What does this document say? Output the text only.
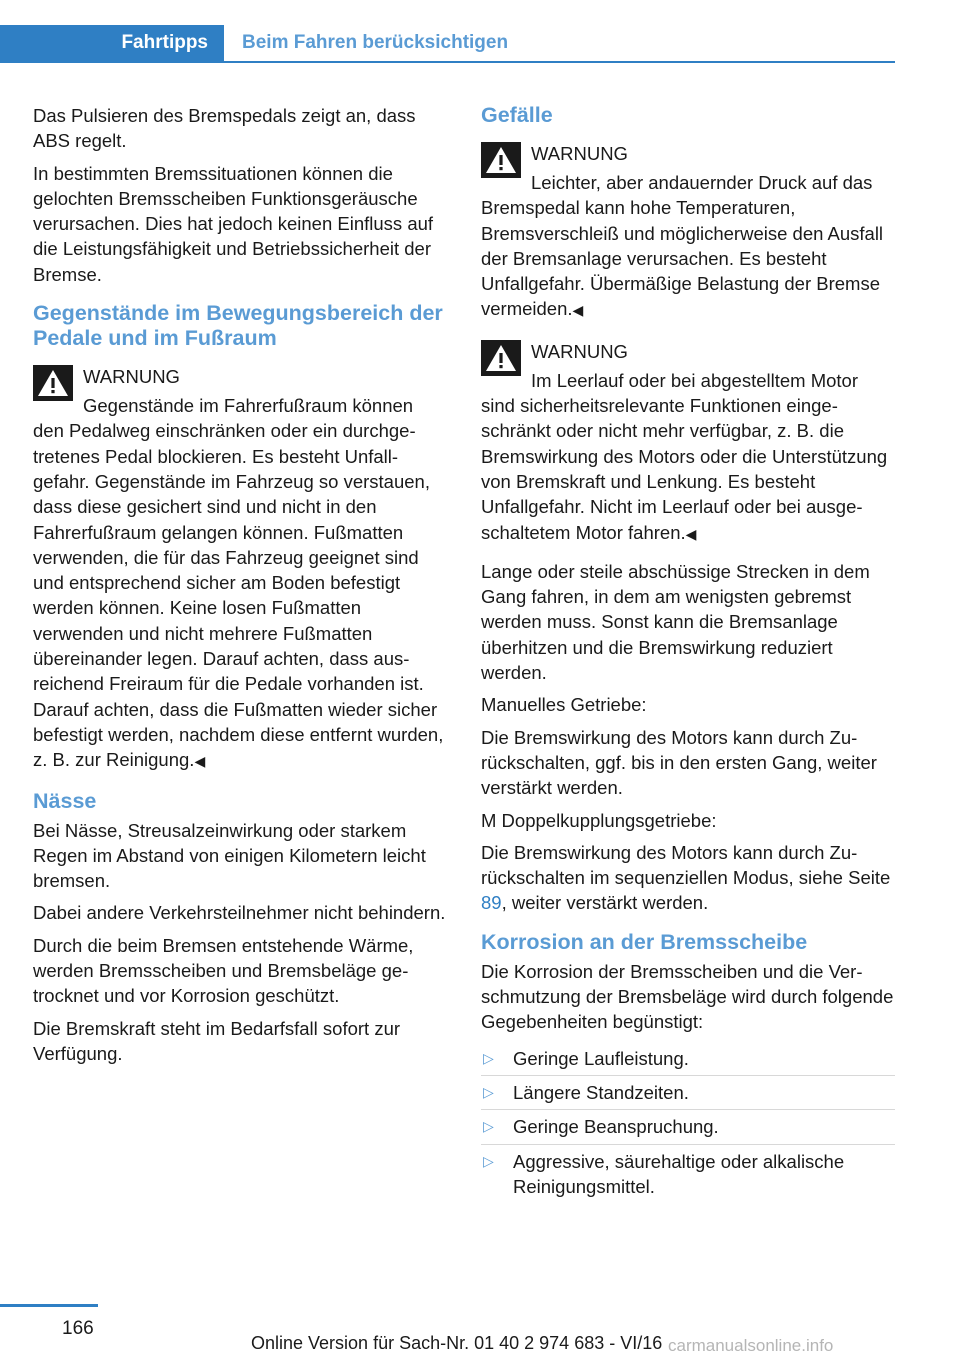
Fahrtipps	Beim Fahren berücksichtigen

Das Pulsieren des Bremspedals zeigt an, dass ABS regelt.

In bestimmten Bremssituationen können die gelochten Bremsscheiben Funktionsgeräusche verursachen. Dies hat jedoch keinen Einfluss auf die Leistungsfähigkeit und Betriebssicherheit der Bremse.

Gegenstände im Bewegungsbereich der Pedale und im Fußraum
WARNUNG
Gegenstände im Fahrerfußraum können den Pedalweg einschränken oder ein durchgetretenes Pedal blockieren. Es besteht Unfallgefahr. Gegenstände im Fahrzeug so verstauen, dass diese gesichert sind und nicht in den Fahrerfußraum gelangen können. Fußmatten verwenden, die für das Fahrzeug geeignet sind und entsprechend sicher am Boden befestigt werden können. Keine losen Fußmatten verwenden und nicht mehrere Fußmatten übereinander legen. Darauf achten, dass ausreichend Freiraum für die Pedale vorhanden ist. Darauf achten, dass die Fußmatten wieder sicher befestigt werden, nachdem diese entfernt wurden, z. B. zur Reinigung.◀
Nässe

Bei Nässe, Streusalzeinwirkung oder starkem Regen im Abstand von einigen Kilometern leicht bremsen.

Dabei andere Verkehrsteilnehmer nicht behindern.

Durch die beim Bremsen entstehende Wärme, werden Bremsscheiben und Bremsbeläge getrocknet und vor Korrosion geschützt.

Die Bremskraft steht im Bedarfsfall sofort zur Verfügung.

Gefälle
WARNUNG
Leichter, aber andauernder Druck auf das Bremspedal kann hohe Temperaturen, Bremsverschleiß und möglicherweise den Ausfall der Bremsanlage verursachen. Es besteht Unfallgefahr. Übermäßige Belastung der Bremse vermeiden.◀
WARNUNG
Im Leerlauf oder bei abgestelltem Motor sind sicherheitsrelevante Funktionen eingeschränkt oder nicht mehr verfügbar, z. B. die Bremswirkung des Motors oder die Unterstützung von Bremskraft und Lenkung. Es besteht Unfallgefahr. Nicht im Leerlauf oder bei ausgeschaltetem Motor fahren.◀

Lange oder steile abschüssige Strecken in dem Gang fahren, in dem am wenigsten gebremst werden muss. Sonst kann die Bremsanlage überhitzen und die Bremswirkung reduziert werden.

Manuelles Getriebe:

Die Bremswirkung des Motors kann durch Zurückschalten, ggf. bis in den ersten Gang, weiter verstärkt werden.

M Doppelkupplungsgetriebe:

Die Bremswirkung des Motors kann durch Zurückschalten im sequenziellen Modus, siehe Seite 89, weiter verstärkt werden.

Korrosion an der Bremsscheibe

Die Korrosion der Bremsscheiben und die Verschmutzung der Bremsbeläge wird durch folgende Gegebenheiten begünstigt:

▷ Geringe Laufleistung.
▷ Längere Standzeiten.
▷ Geringe Beanspruchung.
▷ Aggressive, säurehaltige oder alkalische Reinigungsmittel.
166
Online Version für Sach-Nr. 01 40 2 974 683 - VI/16 carmanualsonline.info
